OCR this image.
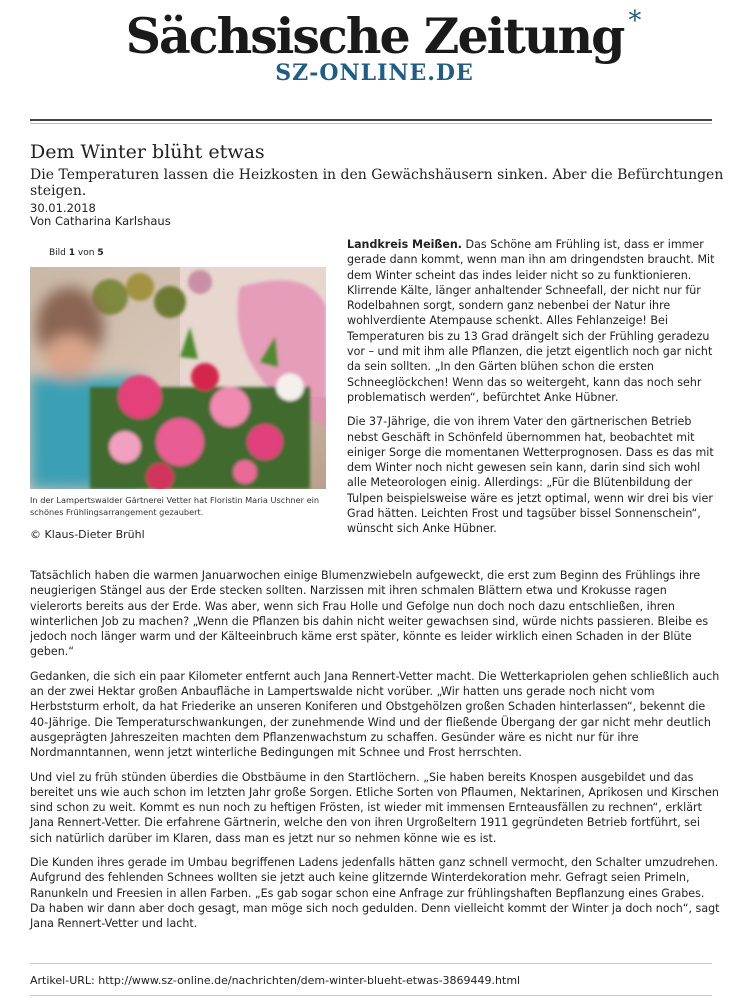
Sächsische Zeitung *
SZ-ONLINE.DE
Dem Winter blüht etwas
Die Temperaturen lassen die Heizkosten in den Gewächshäusern sinken. Aber die Befürchtungen steigen.
30.01.2018
Von Catharina Karlshaus
Bild 1 von 5
In der Lampertswalder Gärtnerei Vetter hat Floristin Maria Uschner ein schönes Frühlingsarrangement gezaubert.
© Klaus-Dieter Brühl

Landkreis Meißen. Das Schöne am Frühling ist, dass er immer gerade dann kommt, wenn man ihn am dringendsten braucht. Mit dem Winter scheint das indes leider nicht so zu funktionieren. Klirrende Kälte, länger anhaltender Schneefall, der nicht nur für Rodelbahnen sorgt, sondern ganz nebenbei der Natur ihre wohlverdiente Atempause schenkt. Alles Fehlanzeige! Bei Temperaturen bis zu 13 Grad drängelt sich der Frühling geradezu vor – und mit ihm alle Pflanzen, die jetzt eigentlich noch gar nicht da sein sollten. „In den Gärten blühen schon die ersten Schneeglöckchen! Wenn das so weitergeht, kann das noch sehr problematisch werden“, befürchtet Anke Hübner.

Die 37-Jährige, die von ihrem Vater den gärtnerischen Betrieb nebst Geschäft in Schönfeld übernommen hat, beobachtet mit einiger Sorge die momentanen Wetterprognosen. Dass es das mit dem Winter noch nicht gewesen sein kann, darin sind sich wohl alle Meteorologen einig. Allerdings: „Für die Blütenbildung der Tulpen beispielsweise wäre es jetzt optimal, wenn wir drei bis vier Grad hätten. Leichten Frost und tagsüber bissel Sonnenschein“, wünscht sich Anke Hübner.

Tatsächlich haben die warmen Januarwochen einige Blumenzwiebeln aufgeweckt, die erst zum Beginn des Frühlings ihre neugierigen Stängel aus der Erde stecken sollten. Narzissen mit ihren schmalen Blättern etwa und Krokusse ragen vielerorts bereits aus der Erde. Was aber, wenn sich Frau Holle und Gefolge nun doch noch dazu entschließen, ihren winterlichen Job zu machen? „Wenn die Pflanzen bis dahin nicht weiter gewachsen sind, würde nichts passieren. Bleibe es jedoch noch länger warm und der Kälteeinbruch käme erst später, könnte es leider wirklich einen Schaden in der Blüte geben.“

Gedanken, die sich ein paar Kilometer entfernt auch Jana Rennert-Vetter macht. Die Wetterkapriolen gehen schließlich auch an der zwei Hektar großen Anbaufläche in Lampertswalde nicht vorüber. „Wir hatten uns gerade noch nicht vom Herbststurm erholt, da hat Friederike an unseren Koniferen und Obstgehölzen großen Schaden hinterlassen“, bekennt die 40-Jährige. Die Temperaturschwankungen, der zunehmende Wind und der fließende Übergang der gar nicht mehr deutlich ausgeprägten Jahreszeiten machten dem Pflanzenwachstum zu schaffen. Gesünder wäre es nicht nur für ihre Nordmanntannen, wenn jetzt winterliche Bedingungen mit Schnee und Frost herrschten.

Und viel zu früh stünden überdies die Obstbäume in den Startlöchern. „Sie haben bereits Knospen ausgebildet und das bereitet uns wie auch schon im letzten Jahr große Sorgen. Etliche Sorten von Pflaumen, Nektarinen, Aprikosen und Kirschen sind schon zu weit. Kommt es nun noch zu heftigen Frösten, ist wieder mit immensen Ernteausfällen zu rechnen“, erklärt Jana Rennert-Vetter. Die erfahrene Gärtnerin, welche den von ihren Urgroßeltern 1911 gegründeten Betrieb fortführt, sei sich natürlich darüber im Klaren, dass man es jetzt nur so nehmen könne wie es ist.

Die Kunden ihres gerade im Umbau begriffenen Ladens jedenfalls hätten ganz schnell vermocht, den Schalter umzudrehen. Aufgrund des fehlenden Schnees wollten sie jetzt auch keine glitzernde Winterdekoration mehr. Gefragt seien Primeln, Ranunkeln und Freesien in allen Farben. „Es gab sogar schon eine Anfrage zur frühlingshaften Bepflanzung eines Grabes. Da haben wir dann aber doch gesagt, man möge sich noch gedulden. Denn vielleicht kommt der Winter ja doch noch“, sagt Jana Rennert-Vetter und lacht.

Artikel-URL: http://www.sz-online.de/nachrichten/dem-winter-blueht-etwas-3869449.html
